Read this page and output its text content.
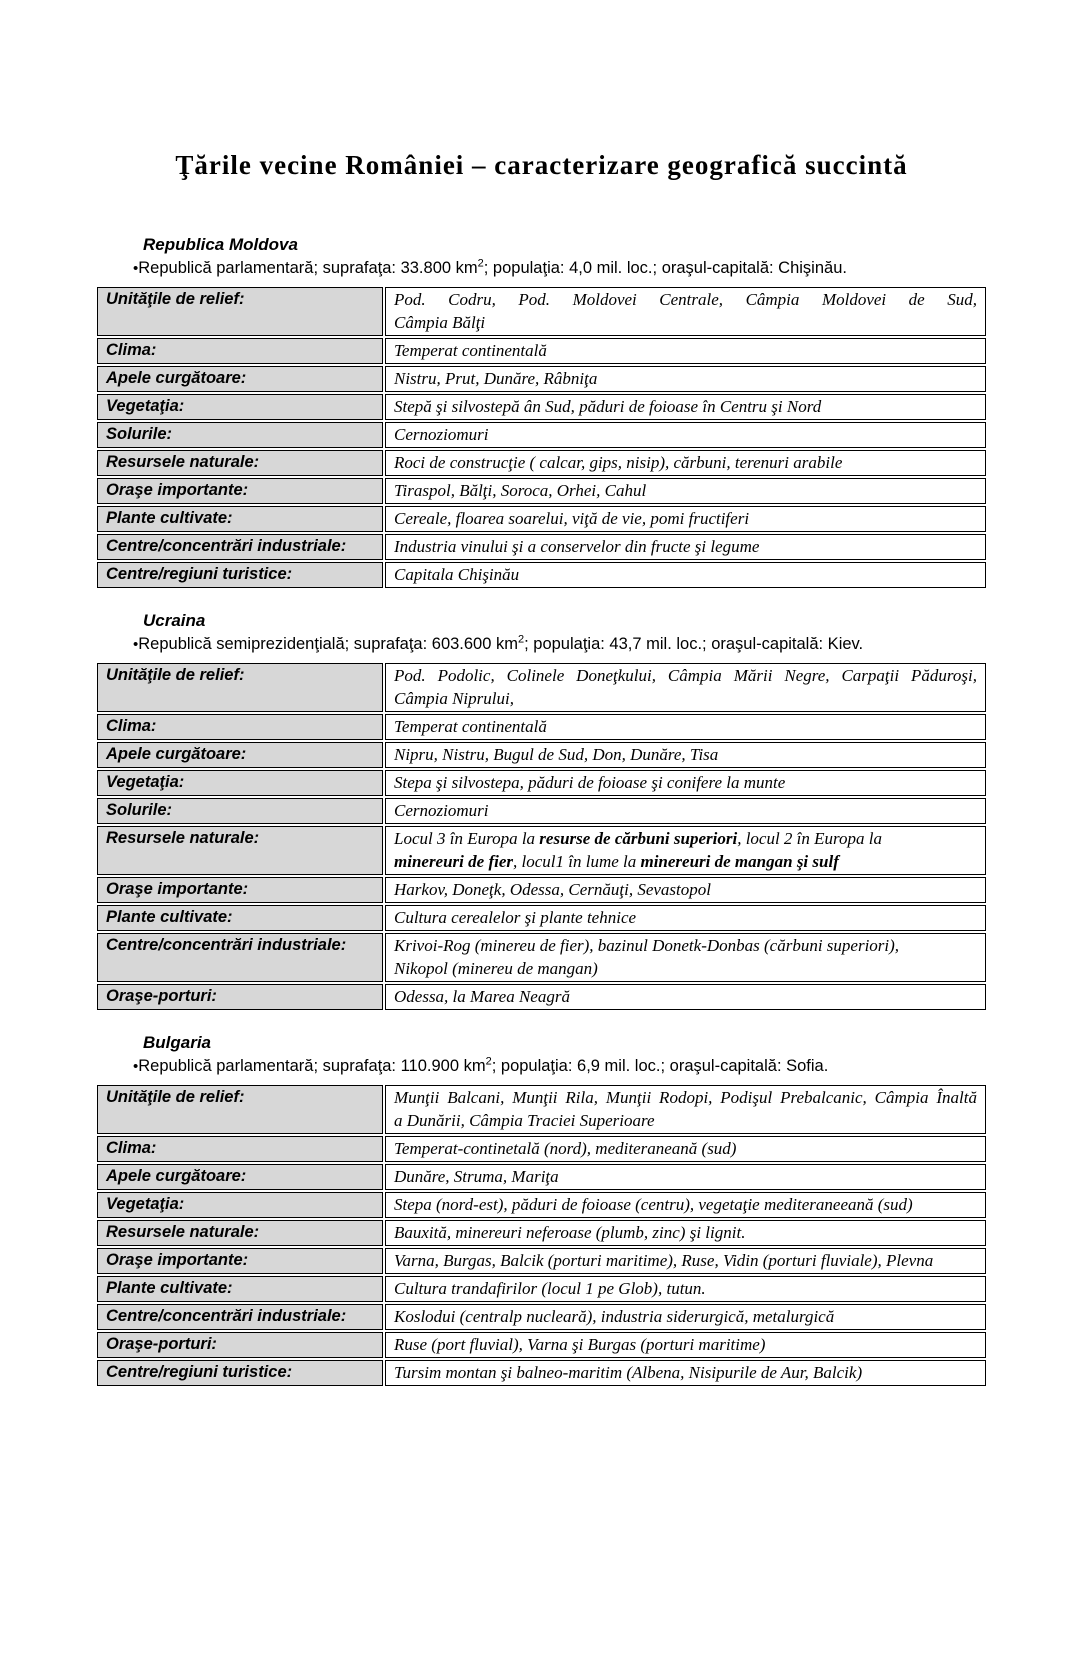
Ţările vecine României – caracterizare geografică succintă
Republica Moldova
•Republică parlamentară; suprafaţa: 33.800 $km^2$; populaţia: 4,0 mil. loc.; oraşul-capitală: Chişinău.
Unităţile de relief:	Pod. Codru, Pod. Moldovei Centrale, Câmpia Moldovei de Sud,
Câmpia Bălţi

Clima:	Temperat continentală
Apele curgătoare:	Nistru, Prut, Dunăre, Râbniţa
Vegetaţia:	Stepă şi silvostepă ân Sud, păduri de foioase în Centru şi Nord
Solurile:	Cernoziomuri
Resursele naturale:	Roci de construcţie ( calcar, gips, nisip), cărbuni, terenuri arabile
Oraşe importante:	Tiraspol, Bălţi, Soroca, Orhei, Cahul
Plante cultivate:	Cereale, floarea soarelui, viţă de vie, pomi fructiferi
Centre/concentrări industriale:	Industria vinului şi a conservelor din fructe şi legume
Centre/regiuni turistice:	Capitala Chişinău
Ucraina
•Republică semiprezidenţială; suprafaţa: 603.600 $km^2$; populaţia: 43,7 mil. loc.; oraşul-capitală: Kiev.
Unităţile de relief:	Pod. Podolic, Colinele Doneţkului, Câmpia Mării Negre, Carpaţii Păduroşi,
Câmpia Niprului,

Clima:	Temperat continentală
Apele curgătoare:	Nipru, Nistru, Bugul de Sud, Don, Dunăre, Tisa
Vegetaţia:	Stepa şi silvostepa, păduri de foioase şi conifere la munte
Solurile:	Cernoziomuri
Resursele naturale:	Locul 3 în Europa la resurse de cărbuni superiori, locul 2 în Europa la
minereuri de fier, locul1 în lume la minereuri de mangan şi sulf

Oraşe importante:	Harkov, Doneţk, Odessa, Cernăuţi, Sevastopol
Plante cultivate:	Cultura cerealelor şi plante tehnice
Centre/concentrări industriale:	Krivoi-Rog (minereu de fier), bazinul Donetk-Donbas (cărbuni superiori),
Nikopol (minereu de mangan)

Oraşe-porturi:	Odessa, la Marea Neagră
Bulgaria
•Republică parlamentară; suprafaţa: 110.900 $km^2$; populaţia: 6,9 mil. loc.; oraşul-capitală: Sofia.
Unităţile de relief:	Munţii Balcani, Munţii Rila, Munţii Rodopi, Podişul Prebalcanic, Câmpia Înaltă
a Dunării, Câmpia Traciei Superioare

Clima:	Temperat-continetală (nord), mediteraneană (sud)
Apele curgătoare:	Dunăre, Struma, Mariţa
Vegetaţia:	Stepa (nord-est), păduri de foioase (centru), vegetaţie mediteraneeană (sud)
Resursele naturale:	Bauxită, minereuri neferoase (plumb, zinc) şi lignit.
Oraşe importante:	Varna, Burgas, Balcik (porturi maritime), Ruse, Vidin (porturi fluviale), Plevna
Plante cultivate:	Cultura trandafirilor (locul 1 pe Glob), tutun.
Centre/concentrări industriale:	Koslodui (centralp nucleară), industria siderurgică, metalurgică
Oraşe-porturi:	Ruse (port fluvial), Varna şi Burgas (porturi maritime)
Centre/regiuni turistice:	Tursim montan şi balneo-maritim (Albena, Nisipurile de Aur, Balcik)
